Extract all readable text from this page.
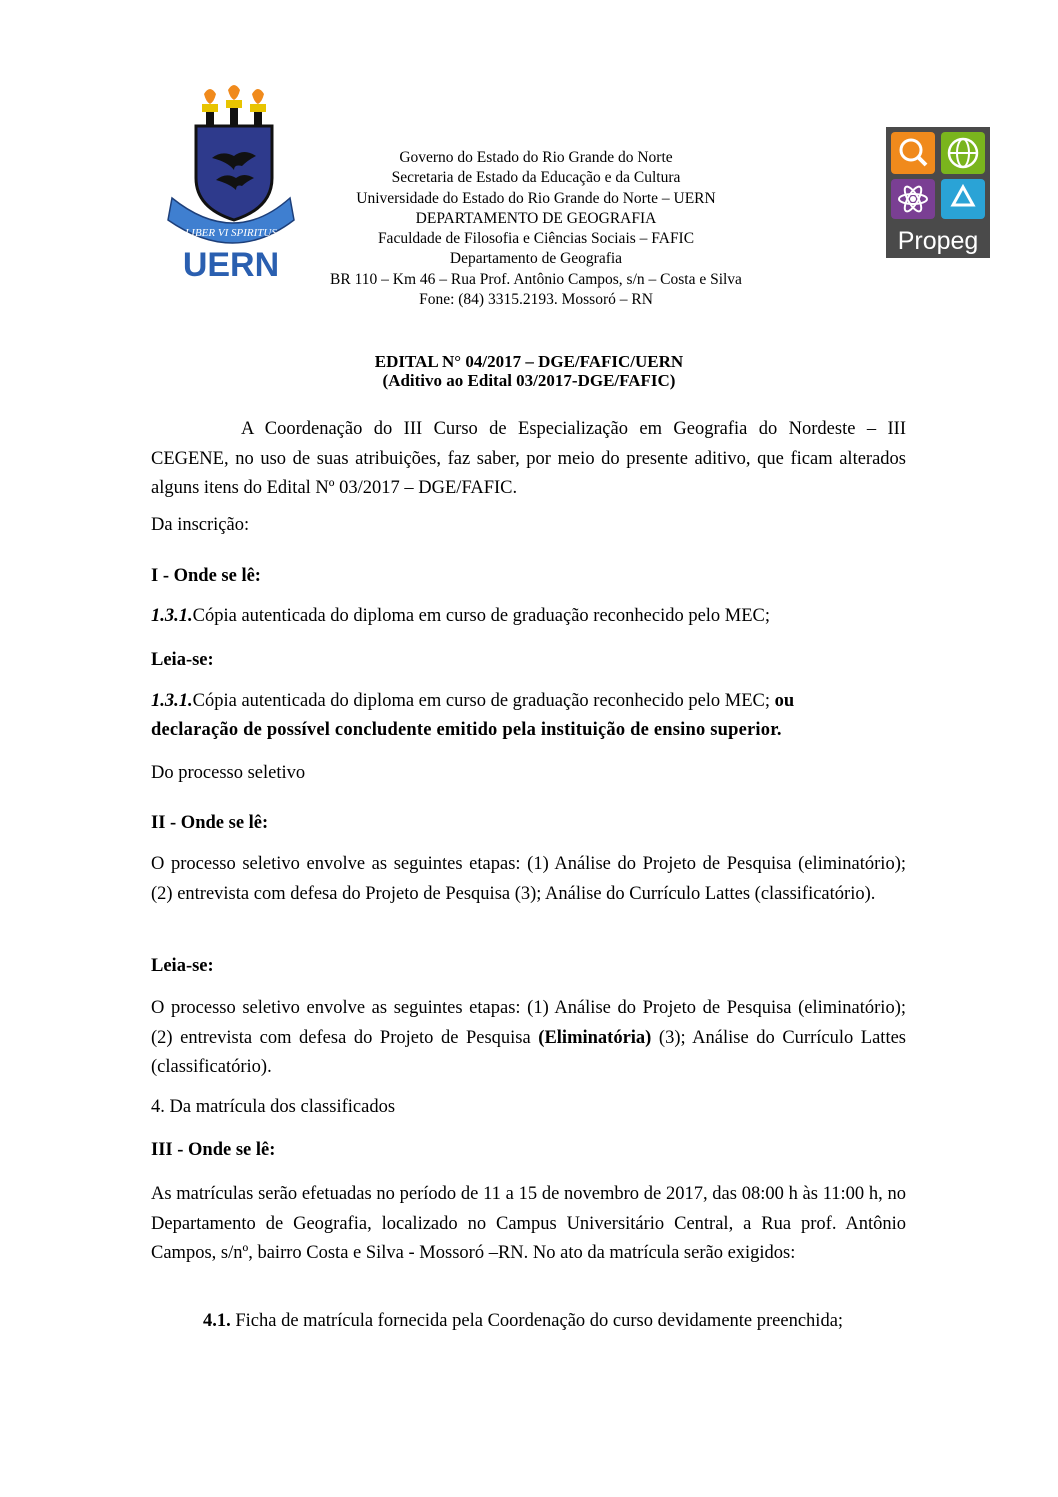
LIBER VI SPIRITUS
UERN
Propeg
Governo do Estado do Rio Grande do Norte
Secretaria de Estado da Educação e da Cultura
Universidade do Estado do Rio Grande do Norte – UERN
DEPARTAMENTO DE GEOGRAFIA
Faculdade de Filosofia e Ciências Sociais – FAFIC
Departamento de Geografia
BR 110 – Km 46 – Rua Prof. Antônio Campos, s/n – Costa e Silva
Fone: (84) 3315.2193. Mossoró – RN
EDITAL N° 04/2017 – DGE/FAFIC/UERN
(Aditivo ao Edital 03/2017-DGE/FAFIC)
A Coordenação do III Curso de Especialização em Geografia do Nordeste – III CEGENE, no uso de suas atribuições, faz saber, por meio do presente aditivo, que ficam alterados alguns itens do Edital Nº 03/2017 – DGE/FAFIC.
Da inscrição:
I - Onde se lê:
1.3.1.Cópia autenticada do diploma em curso de graduação reconhecido pelo MEC;
Leia-se:
1.3.1.Cópia autenticada do diploma em curso de graduação reconhecido pelo MEC; ou
declaração de possível concludente emitido pela instituição de ensino superior.
Do processo seletivo
II - Onde se lê:
O processo seletivo envolve as seguintes etapas: (1) Análise do Projeto de Pesquisa (eliminatório); (2) entrevista com defesa do Projeto de Pesquisa (3); Análise do Currículo Lattes (classificatório).
Leia-se:
O processo seletivo envolve as seguintes etapas: (1) Análise do Projeto de Pesquisa (eliminatório); (2) entrevista com defesa do Projeto de Pesquisa (Eliminatória) (3); Análise do Currículo Lattes (classificatório).
4. Da matrícula dos classificados
III - Onde se lê:
As matrículas serão efetuadas no período de 11 a 15 de novembro de 2017, das 08:00 h às 11:00 h, no Departamento de Geografia, localizado no Campus Universitário Central, a Rua prof. Antônio Campos, s/nº, bairro Costa e Silva - Mossoró –RN. No ato da matrícula serão exigidos:
4.1. Ficha de matrícula fornecida pela Coordenação do curso devidamente preenchida;
